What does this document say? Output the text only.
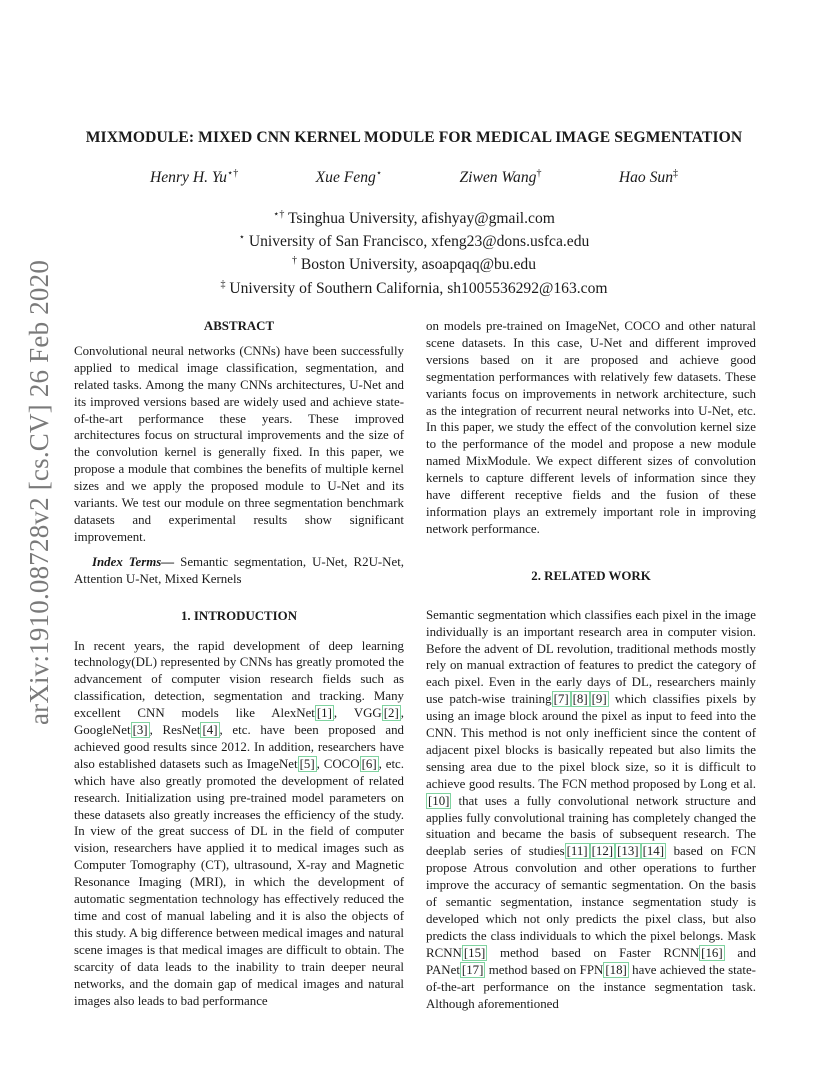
arXiv:1910.08728v2 [cs.CV] 26 Feb 2020
MIXMODULE: MIXED CNN KERNEL MODULE FOR MEDICAL IMAGE SEGMENTATION
Henry H. Yu⋆†	Xue Feng⋆	Ziwen Wang†	Hao Sun‡
⋆† Tsinghua University, afishyay@gmail.com
⋆ University of San Francisco, xfeng23@dons.usfca.edu
† Boston University, asoapqaq@bu.edu
‡ University of Southern California, sh1005536292@163.com

ABSTRACT

Convolutional neural networks (CNNs) have been successfully applied to medical image classification, segmentation, and related tasks. Among the many CNNs architectures, U-Net and its improved versions based are widely used and achieve state-of-the-art performance these years. These improved architectures focus on structural improvements and the size of the convolution kernel is generally fixed. In this paper, we propose a module that combines the benefits of multiple kernel sizes and we apply the proposed module to U-Net and its variants. We test our module on three segmentation benchmark datasets and experimental results show significant improvement.

Index Terms— Semantic segmentation, U-Net, R2U-Net, Attention U-Net, Mixed Kernels

1. INTRODUCTION

In recent years, the rapid development of deep learning technology(DL) represented by CNNs has greatly promoted the advancement of computer vision research fields such as classification, detection, segmentation and tracking. Many excellent CNN models like AlexNet [1] , VGG [2] , GoogleNet [3] , ResNet [4] , etc. have been proposed and achieved good results since 2012. In addition, researchers have also established datasets such as ImageNet [5] , COCO [6] , etc. which have also greatly promoted the development of related research. Initialization using pre-trained model parameters on these datasets also greatly increases the efficiency of the study. In view of the great success of DL in the field of computer vision, researchers have applied it to medical images such as Computer Tomography (CT), ultrasound, X-ray and Magnetic Resonance Imaging (MRI), in which the development of automatic segmentation technology has effectively reduced the time and cost of manual labeling and it is also the objects of this study. A big difference between medical images and natural scene images is that medical images are difficult to obtain. The scarcity of data leads to the inability to train deeper neural networks, and the domain gap of medical images and natural images also leads to bad performance

on models pre-trained on ImageNet, COCO and other natural scene datasets. In this case, U-Net and different improved versions based on it are proposed and achieve good segmentation performances with relatively few datasets. These variants focus on improvements in network architecture, such as the integration of recurrent neural networks into U-Net, etc. In this paper, we study the effect of the convolution kernel size to the performance of the model and propose a new module named MixModule. We expect different sizes of convolution kernels to capture different levels of information since they have different receptive fields and the fusion of these information plays an extremely important role in improving network performance.

2. RELATED WORK

Semantic segmentation which classifies each pixel in the image individually is an important research area in computer vision. Before the advent of DL revolution, traditional methods mostly rely on manual extraction of features to predict the category of each pixel. Even in the early days of DL, researchers mainly use patch-wise training [7] [8] [9] which classifies pixels by using an image block around the pixel as input to feed into the CNN. This method is not only inefficient since the content of adjacent pixel blocks is basically repeated but also limits the sensing area due to the pixel block size, so it is difficult to achieve good results. The FCN method proposed by Long et al.[10] that uses a fully convolutional network structure and applies fully convolutional training has completely changed the situation and became the basis of subsequent research. The deeplab series of studies [11] [12] [13] [14] based on FCN propose Atrous convolution and other operations to further improve the accuracy of semantic segmentation. On the basis of semantic segmentation, instance segmentation study is developed which not only predicts the pixel class, but also predicts the class individuals to which the pixel belongs. Mask RCNN [15] method based on Faster RCNN [16] and PANet [17] method based on FPN [18] have achieved the state-of-the-art performance on the instance segmentation task. Although aforementioned
